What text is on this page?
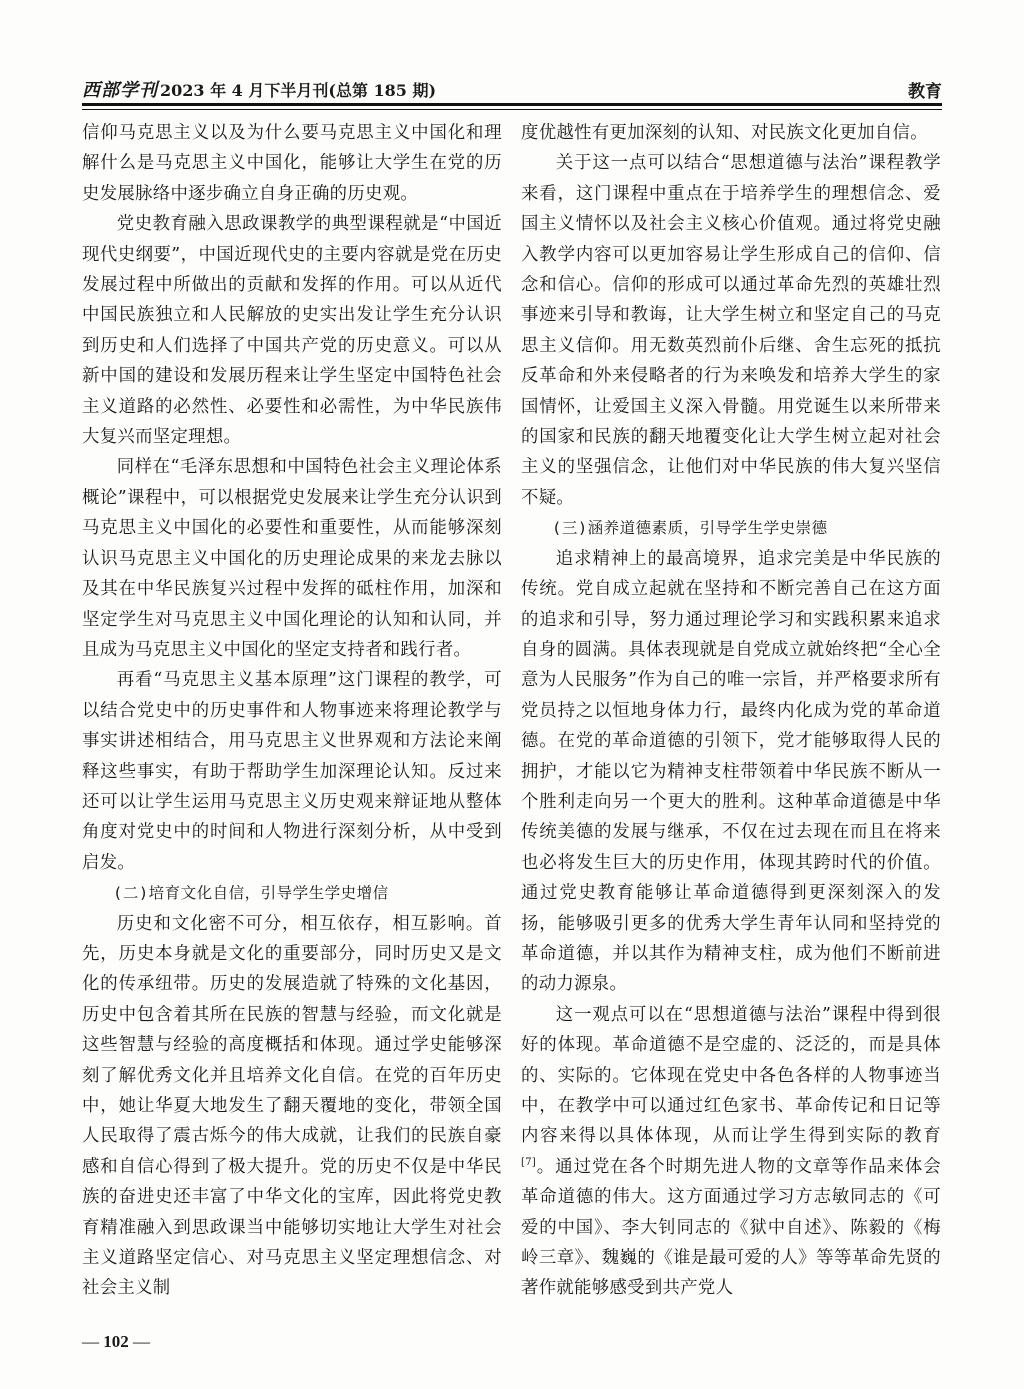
西部学刊 2023 年 4 月下半月刊(总第 185 期)	教育

信仰马克思主义以及为什么要马克思主义中国化和理解什么是马克思主义中国化，能够让大学生在党的历史发展脉络中逐步确立自身正确的历史观。

党史教育融入思政课教学的典型课程就是“中国近现代史纲要”，中国近现代史的主要内容就是党在历史发展过程中所做出的贡献和发挥的作用。可以从近代中国民族独立和人民解放的史实出发让学生充分认识到历史和人们选择了中国共产党的历史意义。可以从新中国的建设和发展历程来让学生坚定中国特色社会主义道路的必然性、必要性和必需性，为中华民族伟大复兴而坚定理想。

同样在“毛泽东思想和中国特色社会主义理论体系概论”课程中，可以根据党史发展来让学生充分认识到马克思主义中国化的必要性和重要性，从而能够深刻认识马克思主义中国化的历史理论成果的来龙去脉以及其在中华民族复兴过程中发挥的砥柱作用，加深和坚定学生对马克思主义中国化理论的认知和认同，并且成为马克思主义中国化的坚定支持者和践行者。

再看“马克思主义基本原理”这门课程的教学，可以结合党史中的历史事件和人物事迹来将理论教学与事实讲述相结合，用马克思主义世界观和方法论来阐释这些事实，有助于帮助学生加深理论认知。反过来还可以让学生运用马克思主义历史观来辩证地从整体角度对党史中的时间和人物进行深刻分析，从中受到启发。

(二)培育文化自信，引导学生学史增信

历史和文化密不可分，相互依存，相互影响。首先，历史本身就是文化的重要部分，同时历史又是文化的传承纽带。历史的发展造就了特殊的文化基因，历史中包含着其所在民族的智慧与经验，而文化就是这些智慧与经验的高度概括和体现。通过学史能够深刻了解优秀文化并且培养文化自信。在党的百年历史中，她让华夏大地发生了翻天覆地的变化，带领全国人民取得了震古烁今的伟大成就，让我们的民族自豪感和自信心得到了极大提升。党的历史不仅是中华民族的奋进史还丰富了中华文化的宝库，因此将党史教育精准融入到思政课当中能够切实地让大学生对社会主义道路坚定信心、对马克思主义坚定理想信念、对社会主义制

度优越性有更加深刻的认知、对民族文化更加自信。

关于这一点可以结合“思想道德与法治”课程教学来看，这门课程中重点在于培养学生的理想信念、爱国主义情怀以及社会主义核心价值观。通过将党史融入教学内容可以更加容易让学生形成自己的信仰、信念和信心。信仰的形成可以通过革命先烈的英雄壮烈事迹来引导和教诲，让大学生树立和坚定自己的马克思主义信仰。用无数英烈前仆后继、舍生忘死的抵抗反革命和外来侵略者的行为来唤发和培养大学生的家国情怀，让爱国主义深入骨髓。用党诞生以来所带来的国家和民族的翻天地覆变化让大学生树立起对社会主义的坚强信念，让他们对中华民族的伟大复兴坚信不疑。

(三)涵养道德素质，引导学生学史崇德

追求精神上的最高境界，追求完美是中华民族的传统。党自成立起就在坚持和不断完善自己在这方面的追求和引导，努力通过理论学习和实践积累来追求自身的圆满。具体表现就是自党成立就始终把“全心全意为人民服务”作为自己的唯一宗旨，并严格要求所有党员持之以恒地身体力行，最终内化成为党的革命道德。在党的革命道德的引领下，党才能够取得人民的拥护，才能以它为精神支柱带领着中华民族不断从一个胜利走向另一个更大的胜利。这种革命道德是中华传统美德的发展与继承，不仅在过去现在而且在将来也必将发生巨大的历史作用，体现其跨时代的价值。通过党史教育能够让革命道德得到更深刻深入的发扬，能够吸引更多的优秀大学生青年认同和坚持党的革命道德，并以其作为精神支柱，成为他们不断前进的动力源泉。

这一观点可以在“思想道德与法治”课程中得到很好的体现。革命道德不是空虚的、泛泛的，而是具体的、实际的。它体现在党史中各色各样的人物事迹当中，在教学中可以通过红色家书、革命传记和日记等内容来得以具体体现，从而让学生得到实际的教育[7]。通过党在各个时期先进人物的文章等作品来体会革命道德的伟大。这方面通过学习方志敏同志的《可爱的中国》、李大钊同志的《狱中自述》、陈毅的《梅岭三章》、魏巍的《谁是最可爱的人》等等革命先贤的著作就能够感受到共产党人

— 102 —
